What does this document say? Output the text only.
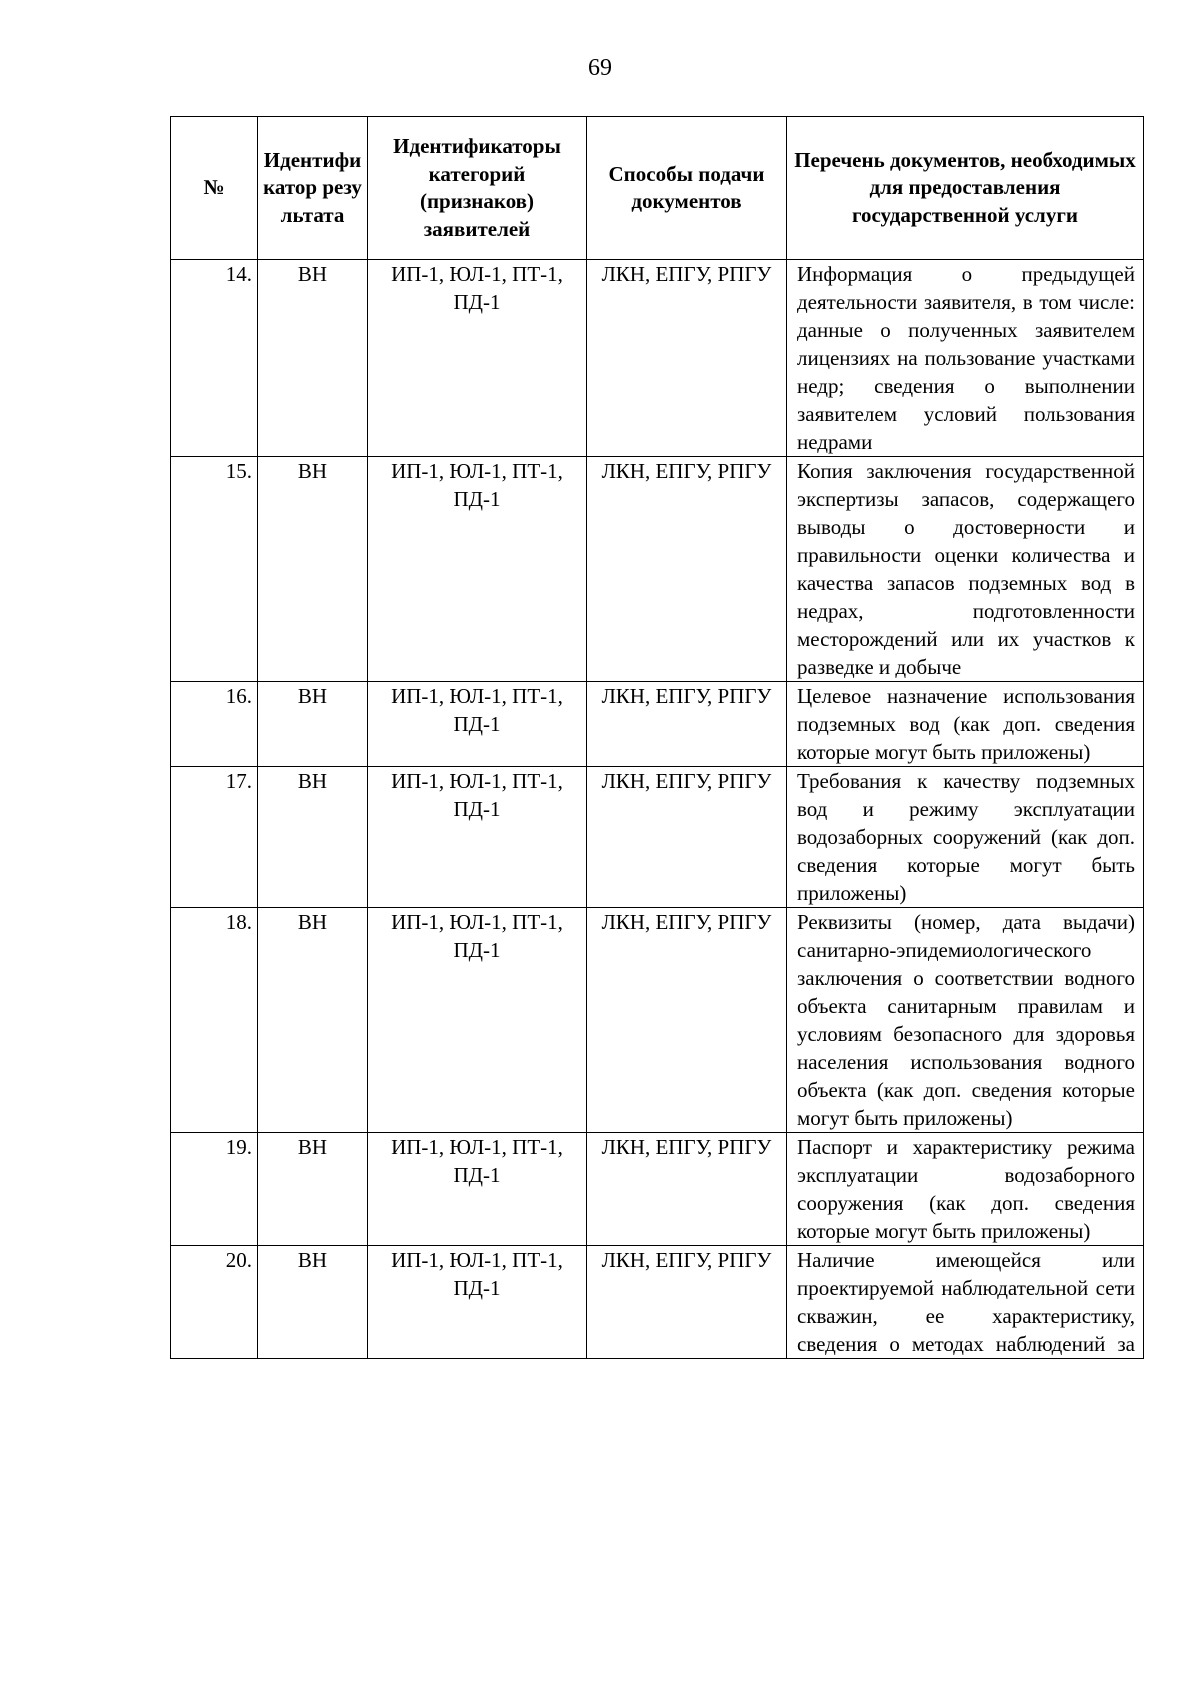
69
№	Идентификатор результата	Идентификаторы категорий (признаков) заявителей	Способы подачи документов	Перечень документов, необходимых для предоставления государственной услуги
14.	ВН	ИП-1, ЮЛ-1, ПТ-1, ПД-1	ЛКН, ЕПГУ, РПГУ	Информация о предыдущей деятельности заявителя, в том числе: данные о полученных заявителем лицензиях на пользование участками недр; сведения о выполнении заявителем условий пользования недрами
15.	ВН	ИП-1, ЮЛ-1, ПТ-1, ПД-1	ЛКН, ЕПГУ, РПГУ	Копия заключения государственной экспертизы запасов, содержащего выводы о достоверности и правильности оценки количества и качества запасов подземных вод в недрах, подготовленности месторождений или их участков к разведке и добыче
16.	ВН	ИП-1, ЮЛ-1, ПТ-1, ПД-1	ЛКН, ЕПГУ, РПГУ	Целевое назначение использования подземных вод (как доп. сведения которые могут быть приложены)
17.	ВН	ИП-1, ЮЛ-1, ПТ-1, ПД-1	ЛКН, ЕПГУ, РПГУ	Требования к качеству подземных вод и режиму эксплуатации водозаборных сооружений (как доп. сведения которые могут быть приложены)
18.	ВН	ИП-1, ЮЛ-1, ПТ-1, ПД-1	ЛКН, ЕПГУ, РПГУ	Реквизиты (номер, дата выдачи) санитарно-эпидемиологического заключения о соответствии водного объекта санитарным правилам и условиям безопасного для здоровья населения использования водного объекта (как доп. сведения которые могут быть приложены)
19.	ВН	ИП-1, ЮЛ-1, ПТ-1, ПД-1	ЛКН, ЕПГУ, РПГУ	Паспорт и характеристику режима эксплуатации водозаборного сооружения (как доп. сведения которые могут быть приложены)
20.	ВН	ИП-1, ЮЛ-1, ПТ-1, ПД-1	ЛКН, ЕПГУ, РПГУ	Наличие имеющейся или проектируемой наблюдательной сети скважин, ее характеристику, сведения о методах наблюдений за
